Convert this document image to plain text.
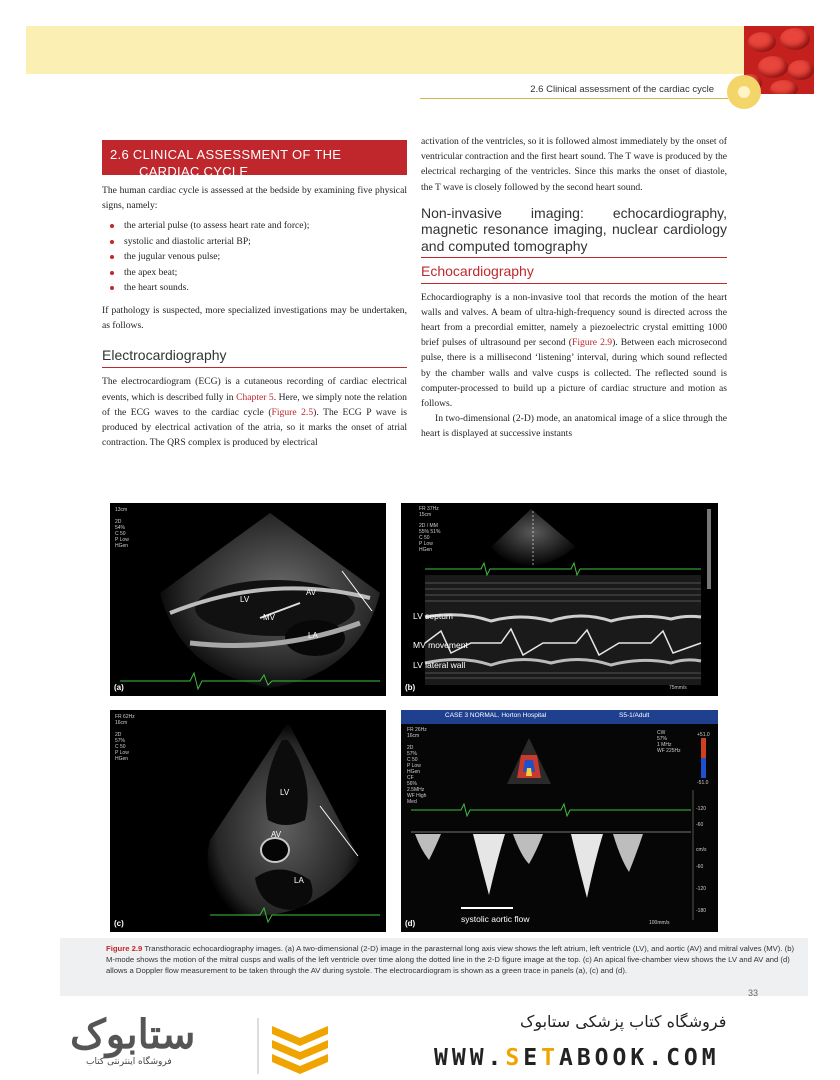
2.6 Clinical assessment of the cardiac cycle
2.6 CLINICAL ASSESSMENT OF THE
CARDIAC CYCLE

The human cardiac cycle is assessed at the bedside by examining five physical signs, namely:

the arterial pulse (to assess heart rate and force);
systolic and diastolic arterial BP;
the jugular venous pulse;
the apex beat;
the heart sounds.

If pathology is suspected, more specialized investigations may be undertaken, as follows.

Electrocardiography

The electrocardiogram (ECG) is a cutaneous recording of cardiac electrical events, which is described fully in Chapter 5. Here, we simply note the relation of the ECG waves to the cardiac cycle (Figure 2.5). The ECG P wave is produced by electrical activation of the atria, so it marks the onset of atrial contraction. The QRS complex is produced by electrical

activation of the ventricles, so it is followed almost immediately by the onset of ventricular contraction and the first heart sound. The T wave is produced by the electrical recharging of the ventricles. Since this marks the onset of diastole, the T wave is closely followed by the second heart sound.

Non-invasive imaging: echocardiography, magnetic resonance imaging, nuclear cardiology and computed tomography
Echocardiography

Echocardiography is a non-invasive tool that records the motion of the heart walls and valves. A beam of ultra-high-frequency sound is directed across the heart from a precordial emitter, namely a piezoelectric crystal emitting 1000 brief pulses of ultrasound per second (Figure 2.9). Between each microsecond pulse, there is a millisecond ‘listening’ interval, during which sound reflected by the chamber walls and valve cusps is collected. The reflected sound is computer-processed to build up a picture of cardiac structure and motion as follows.

In two-dimensional (2-D) mode, an anatomical image of a slice through the heart is displayed at successive instants

13cm

2D
54%
C 50
P Low
HGen
LV
AV
MV
LA
(a)
FR 37Hz
15cm
2D / MM
55% 51%
C 50
P Low
HGen
LV septum
MV movement
LV lateral wall
75mm/s
(b)
FR 62Hz
16cm

2D
57%
C 50
P Low
HGen
LV
AV
LA
(c)
CASE 3 NORMAL. Horton Hospital	S5-1/Adult
FR 26Hz
16cm

2D
57%
C 50
P Low
HGen
CF
56%
2.5MHz
WF High
Med
CW
57%
1 MHz
WF 225Hz
+51.0
-51.0
-120
-60
cm/s
-60
-120
-180
systolic aortic flow	100mm/s
(d)
Figure 2.9 Transthoracic echocardiography images. (a) A two-dimensional (2-D) image in the parasternal long axis view shows the left atrium, left ventricle (LV), and aortic (AV) and mitral valves (MV). (b) M-mode shows the motion of the mitral cusps and walls of the left ventricle over time along the dotted line in the 2-D figure image at the top. (c) An apical five-chamber view shows the LV and AV and (d) allows a Doppler flow measurement to be taken through the AV during systole. The electrocardiogram is shown as a green trace in panels (a), (c) and (d).
33
ستابوک
فروشگاه اینترنتی کتاب
فروشگاه کتاب پزشکی ستابوک
WWW.SETABOOK.COM
